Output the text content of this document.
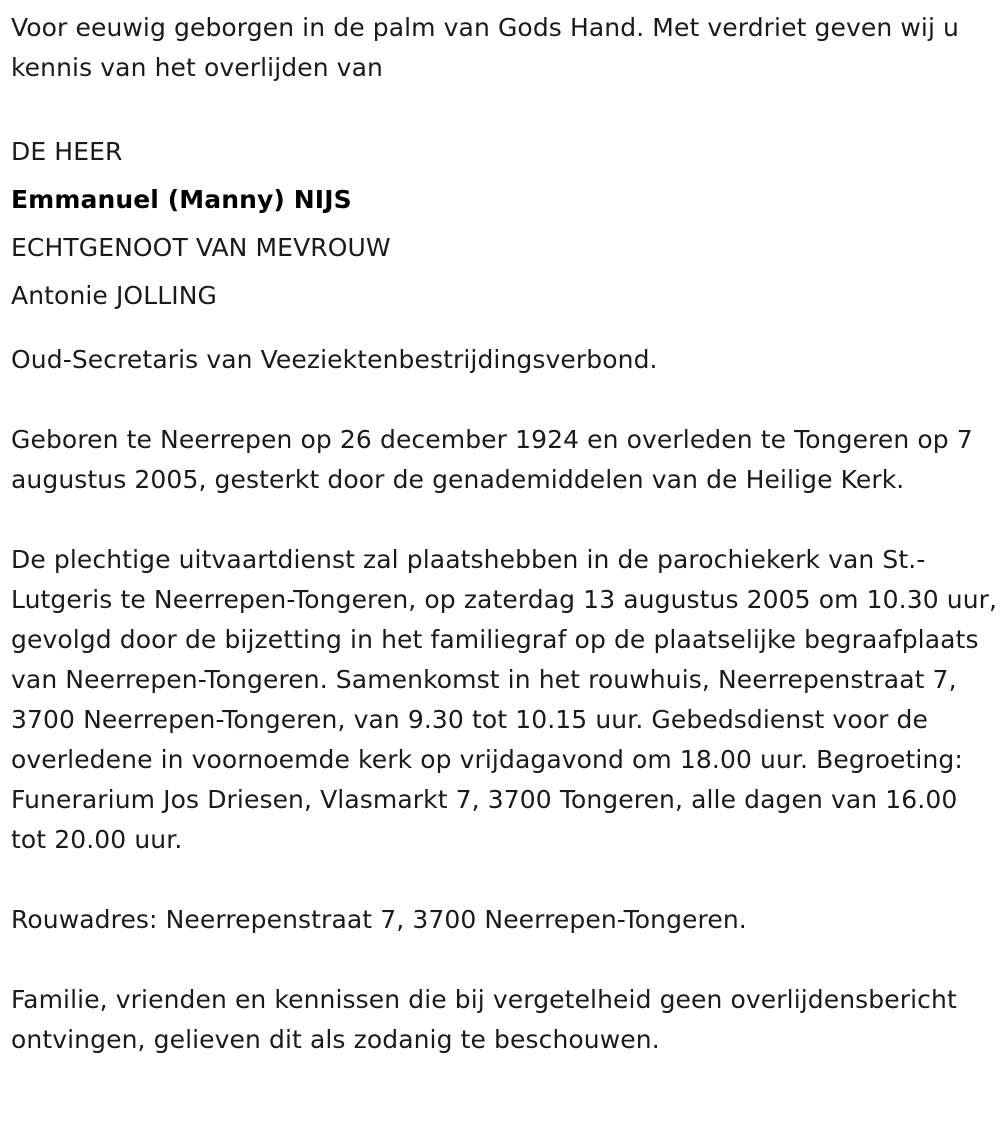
Voor eeuwig geborgen in de palm van Gods Hand. Met verdriet geven wij u kennis van het overlijden van

DE HEER
Emmanuel (Manny) NIJS
ECHTGENOOT VAN MEVROUW
Antonie JOLLING

Oud-Secretaris van Veeziektenbestrijdingsverbond.

Geboren te Neerrepen op 26 december 1924 en overleden te Tongeren op 7 augustus 2005, gesterkt door de genademiddelen van de Heilige Kerk.

De plechtige uitvaartdienst zal plaatshebben in de parochiekerk van St.-Lutgeris te Neerrepen-Tongeren, op zaterdag 13 augustus 2005 om 10.30 uur, gevolgd door de bijzetting in het familiegraf op de plaatselijke begraafplaats van Neerrepen-Tongeren. Samenkomst in het rouwhuis, Neerrepenstraat 7, 3700 Neerrepen-Tongeren, van 9.30 tot 10.15 uur. Gebedsdienst voor de overledene in voornoemde kerk op vrijdagavond om 18.00 uur. Begroeting: Funerarium Jos Driesen, Vlasmarkt 7, 3700 Tongeren, alle dagen van 16.00 tot 20.00 uur.

Rouwadres: Neerrepenstraat 7, 3700 Neerrepen-Tongeren.

Familie, vrienden en kennissen die bij vergetelheid geen overlijdensbericht ontvingen, gelieven dit als zodanig te beschouwen.
